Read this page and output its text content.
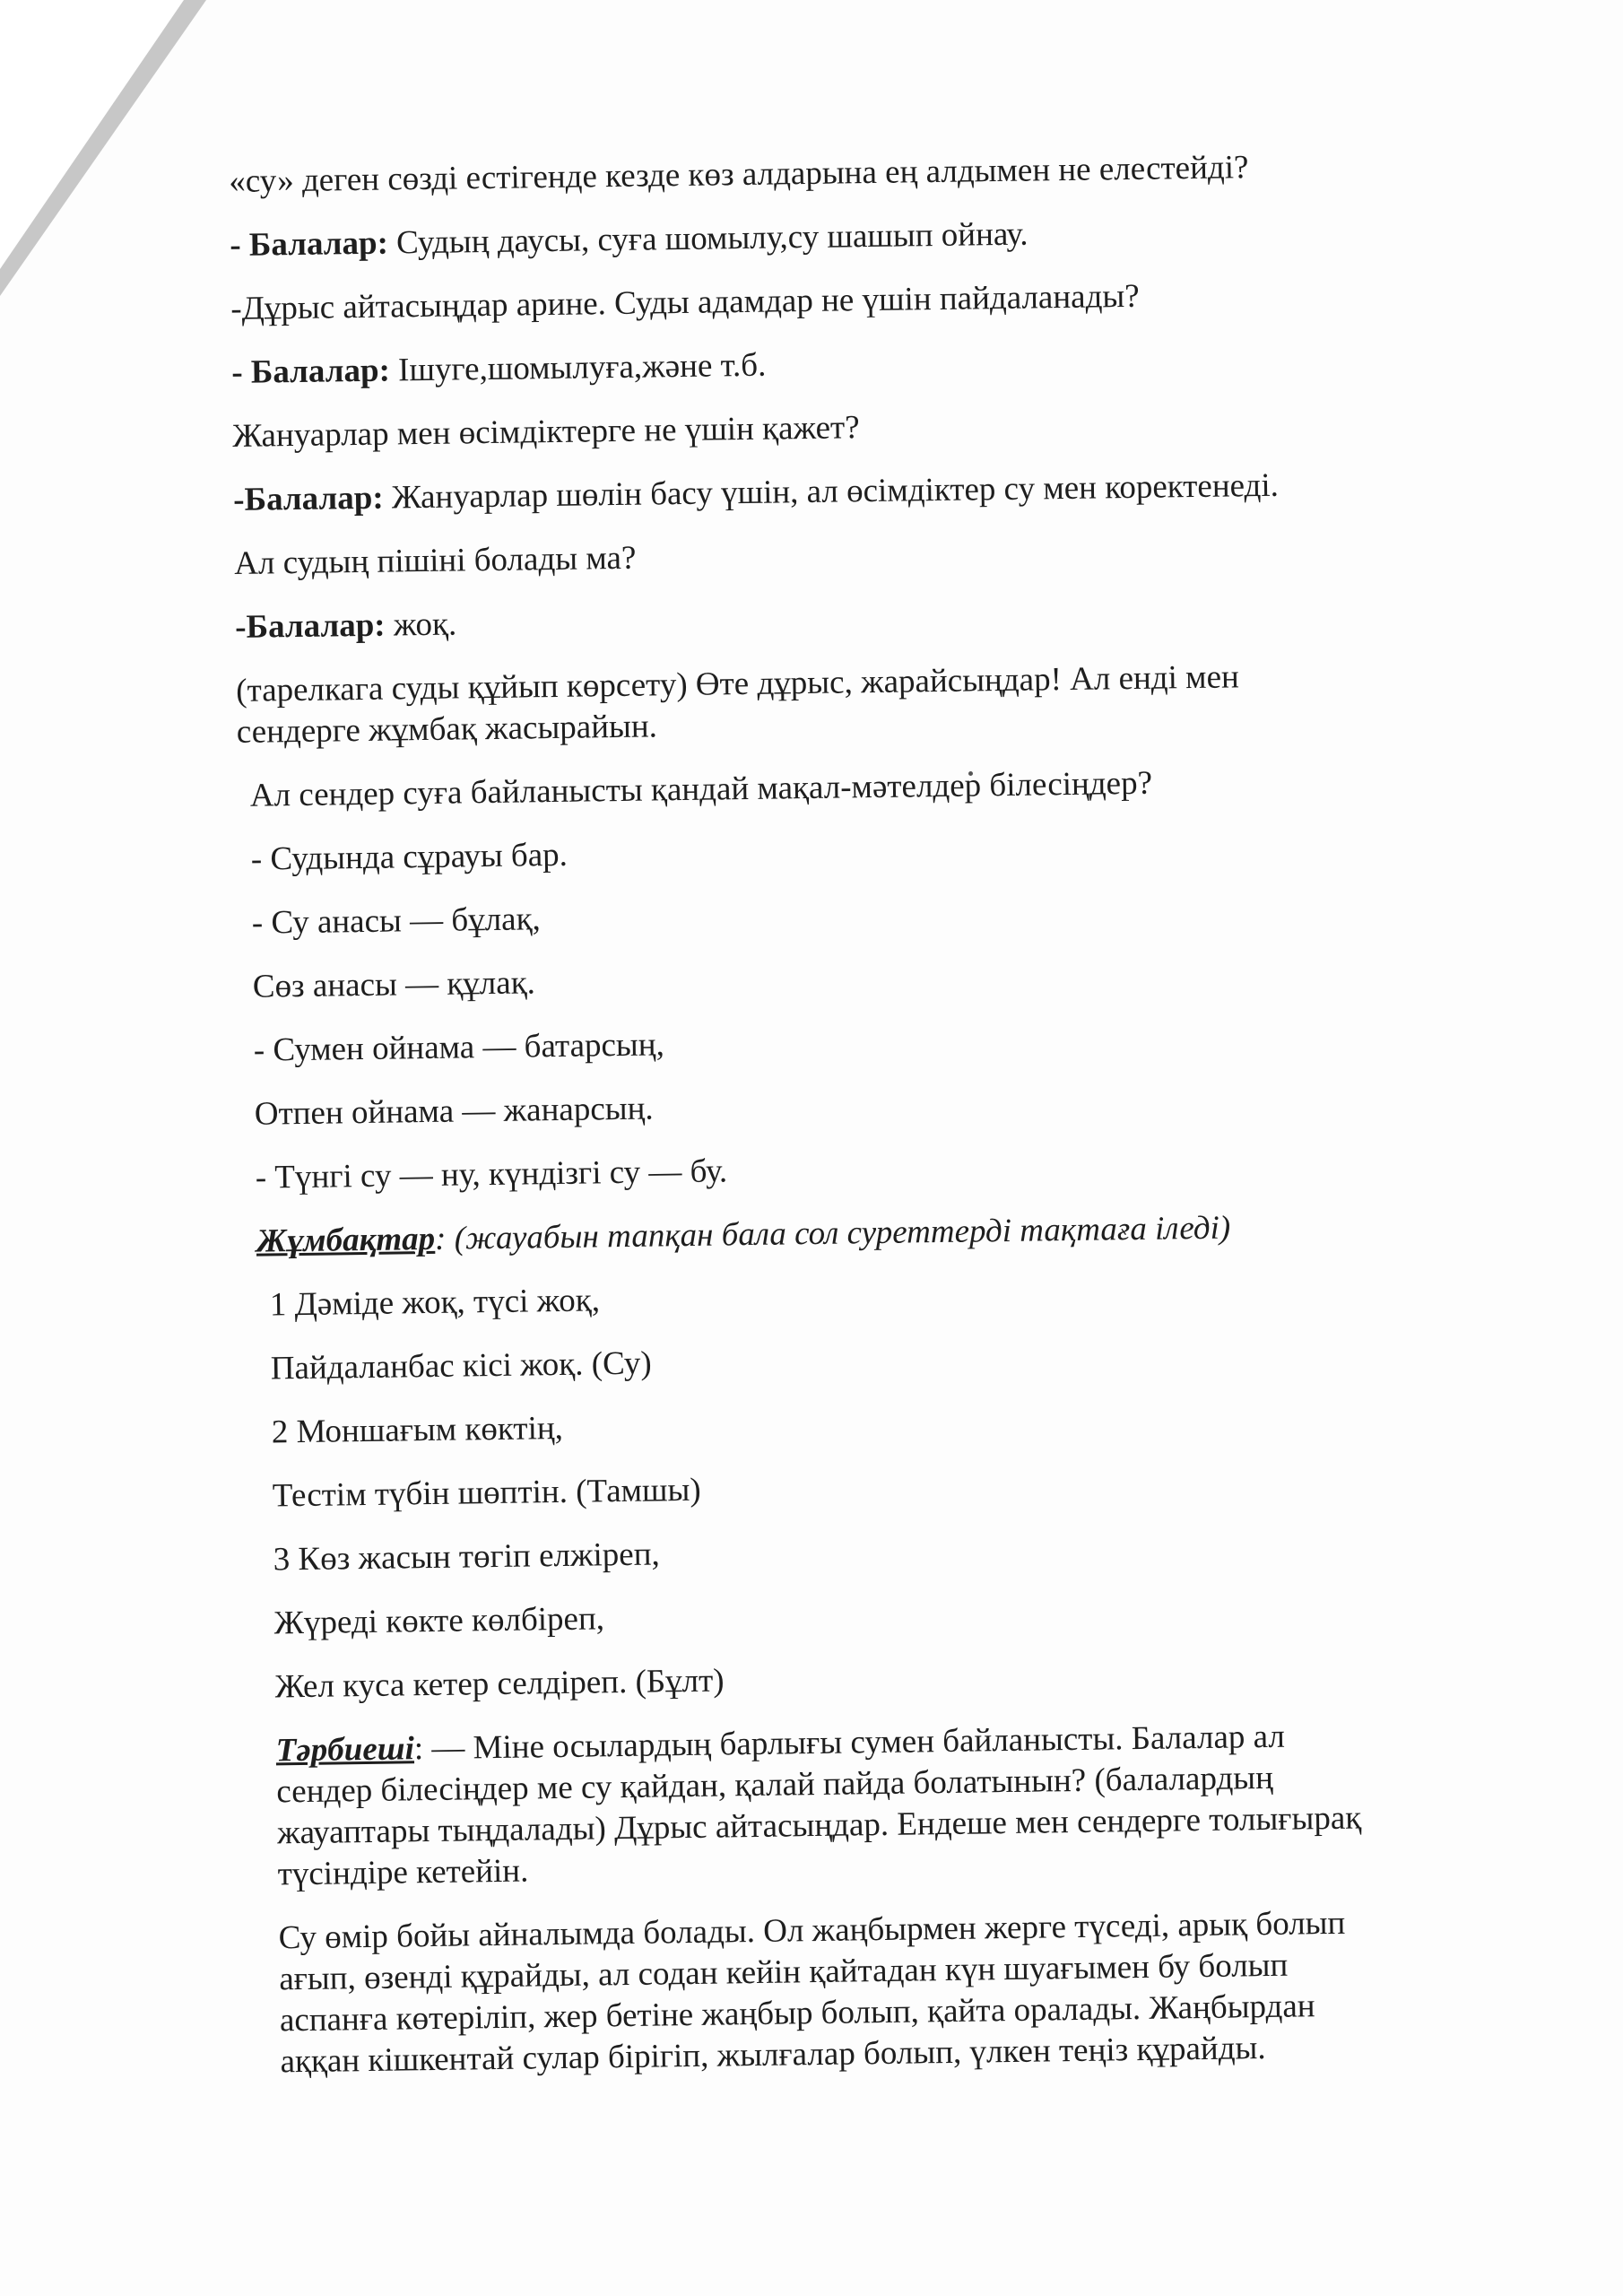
«су» деген сөзді естігенде кезде көз алдарына ең алдымен не елестейді?

- Балалар: Судың даусы, суға шомылу,су шашып ойнау.

-Дұрыс айтасыңдар арине. Суды адамдар не үшін пайдаланады?

- Балалар: Ішуге,шомылуға,және т.б.

Жануарлар мен өсімдіктерге не үшін қажет?

-Балалар: Жануарлар шөлін басу үшін, ал өсімдіктер су мен коректенеді.

Ал судың пішіні болады ма?

-Балалар: жоқ.

(тарелкага суды құйып көрсету) Өте дұрыс, жарайсыңдар! Ал енді мен

сендерге жұмбақ жасырайын.

Ал сендер суға байланысты қандай мақал-мәтелдер білесіңдер?

- Судында сұрауы бар.

- Су анасы — бұлақ,

Сөз анасы — құлақ.

- Сумен ойнама — батарсың,

Отпен ойнама — жанарсың.

- Түнгі су — ну, күндізгі су — бу.

Жұмбақтар: (жауабын тапқан бала сол суреттерді тақтаға іледі)

1 Дәміде жоқ, түсі жоқ,

Пайдаланбас кісі жоқ. (Су)

2 Моншағым көктің,

Тестім түбін шөптін. (Тамшы)

3 Көз жасын төгіп елжіреп,

Жүреді көкте көлбіреп,

Жел куса кетер селдіреп. (Бұлт)

Тәрбиеші: — Міне осылардың барлығы сумен байланысты. Балалар ал

сендер білесіңдер ме су қайдан, қалай пайда болатынын? (балалардың

жауаптары тыңдалады) Дұрыс айтасыңдар. Ендеше мен сендерге толығырақ

түсіндіре кетейін.

Су өмір бойы айналымда болады. Ол жаңбырмен жерге түседі, арық болып

ағып, өзенді құрайды, ал содан кейін қайтадан күн шуағымен бу болып

аспанға көтеріліп, жер бетіне жаңбыр болып, қайта оралады. Жаңбырдан

аққан кішкентай сулар бірігіп, жылғалар болып, үлкен теңіз құрайды.
